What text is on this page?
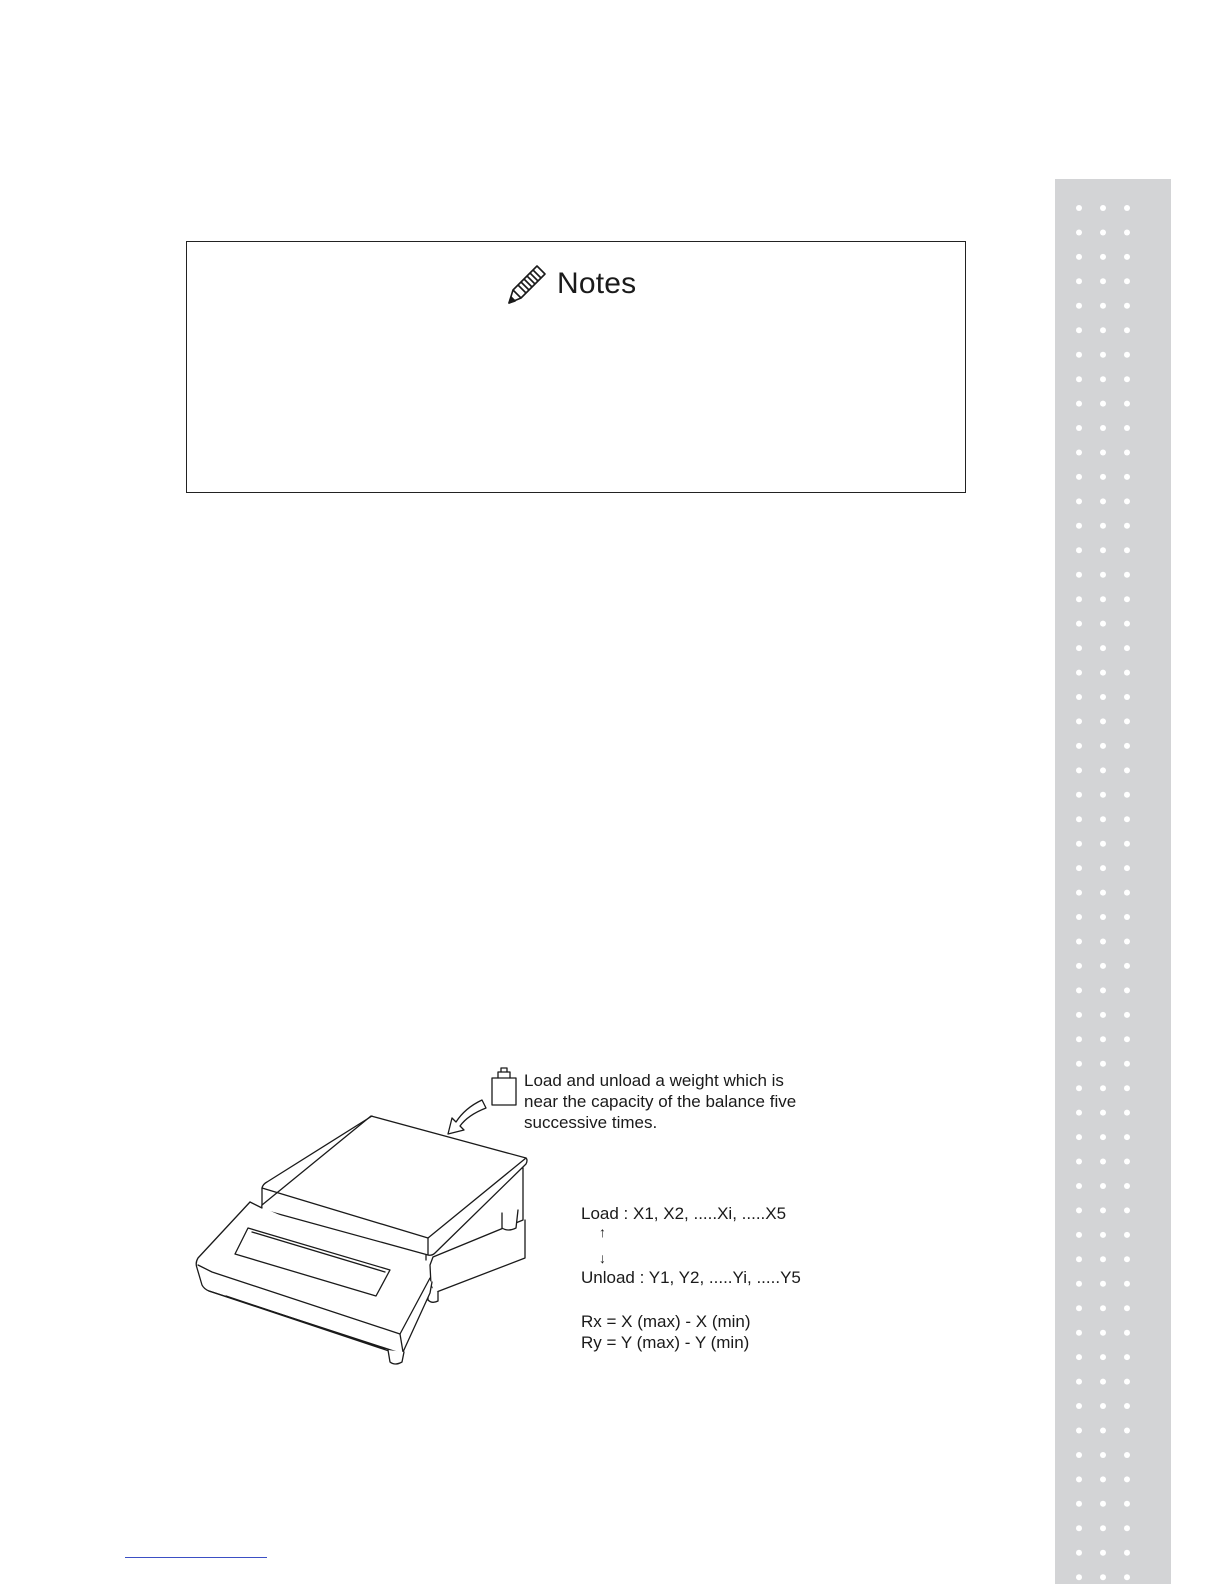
Notes
Load and unload a weight which is
near the capacity of the balance five
successive times.
Load : X1, X2, .....Xi, .....X5
↑
↓
Unload : Y1, Y2, .....Yi, .....Y5
Rx = X (max) - X (min)
Ry = Y (max) - Y (min)
